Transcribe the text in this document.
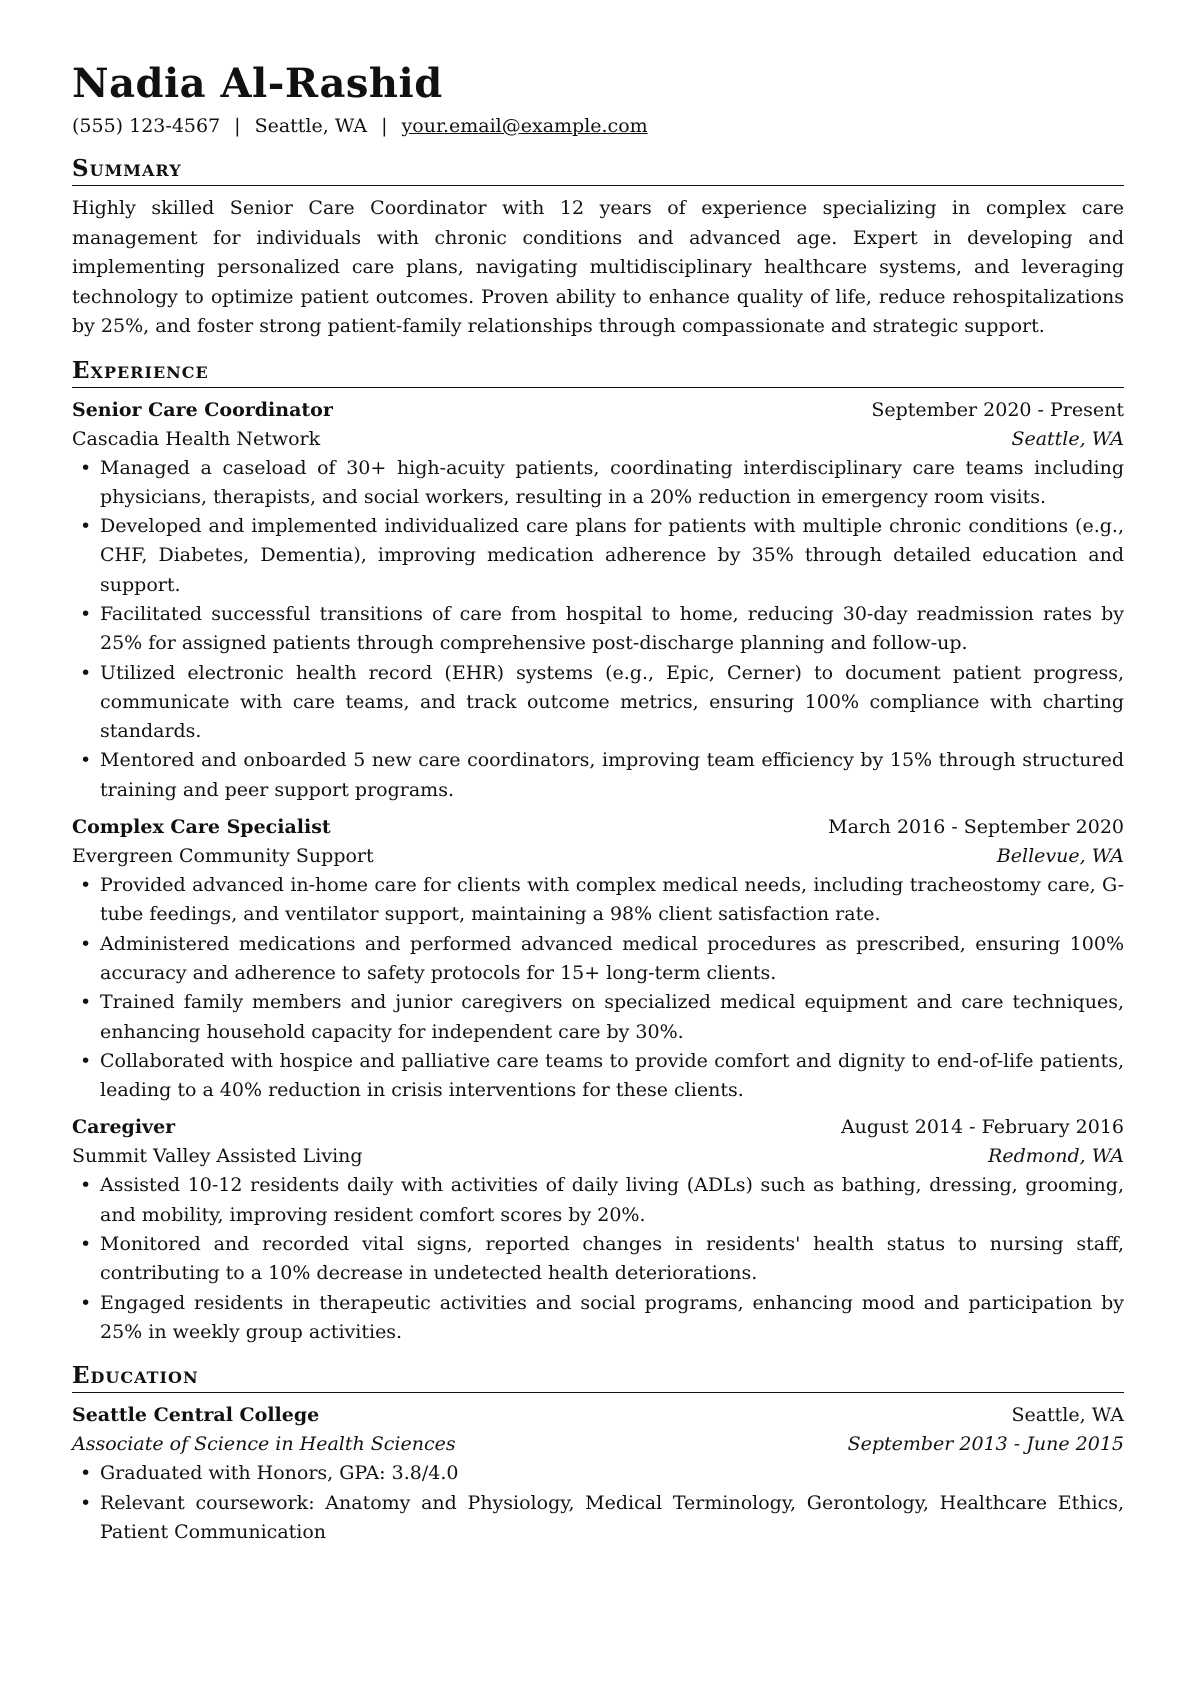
Nadia Al-Rashid
(555) 123-4567 | Seattle, WA | your.email@example.com
Summary
Highly skilled Senior Care Coordinator with 12 years of experience specializing in complex care management for individuals with chronic conditions and advanced age. Expert in developing and implementing personalized care plans, navigating multidisciplinary healthcare systems, and leveraging technology to optimize patient outcomes. Proven ability to enhance quality of life, reduce rehospitalizations by 25%, and foster strong patient-family relationships through compassionate and strategic support.
Experience
Senior Care Coordinator	September 2020 - Present
Cascadia Health Network	Seattle, WA
• Managed a caseload of 30+ high-acuity patients, coordinating interdisciplinary care teams including physicians, therapists, and social workers, resulting in a 20% reduction in emergency room visits.
• Developed and implemented individualized care plans for patients with multiple chronic conditions (e.g., CHF, Diabetes, Dementia), improving medication adherence by 35% through detailed education and support.
• Facilitated successful transitions of care from hospital to home, reducing 30-day readmission rates by 25% for assigned patients through comprehensive post-discharge planning and follow-up.
• Utilized electronic health record (EHR) systems (e.g., Epic, Cerner) to document patient progress, communicate with care teams, and track outcome metrics, ensuring 100% compliance with charting standards.
• Mentored and onboarded 5 new care coordinators, improving team efficiency by 15% through structured training and peer support programs.
Complex Care Specialist	March 2016 - September 2020
Evergreen Community Support	Bellevue, WA
• Provided advanced in-home care for clients with complex medical needs, including tracheostomy care, G-tube feedings, and ventilator support, maintaining a 98% client satisfaction rate.
• Administered medications and performed advanced medical procedures as prescribed, ensuring 100% accuracy and adherence to safety protocols for 15+ long-term clients.
• Trained family members and junior caregivers on specialized medical equipment and care techniques, enhancing household capacity for independent care by 30%.
• Collaborated with hospice and palliative care teams to provide comfort and dignity to end-of-life patients, leading to a 40% reduction in crisis interventions for these clients.
Caregiver	August 2014 - February 2016
Summit Valley Assisted Living	Redmond, WA
• Assisted 10-12 residents daily with activities of daily living (ADLs) such as bathing, dressing, grooming, and mobility, improving resident comfort scores by 20%.
• Monitored and recorded vital signs, reported changes in residents' health status to nursing staff, contributing to a 10% decrease in undetected health deteriorations.
• Engaged residents in therapeutic activities and social programs, enhancing mood and participation by 25% in weekly group activities.
Education
Seattle Central College	Seattle, WA
Associate of Science in Health Sciences	September 2013 - June 2015
• Graduated with Honors, GPA: 3.8/4.0
• Relevant coursework: Anatomy and Physiology, Medical Terminology, Gerontology, Healthcare Ethics, Patient Communication
